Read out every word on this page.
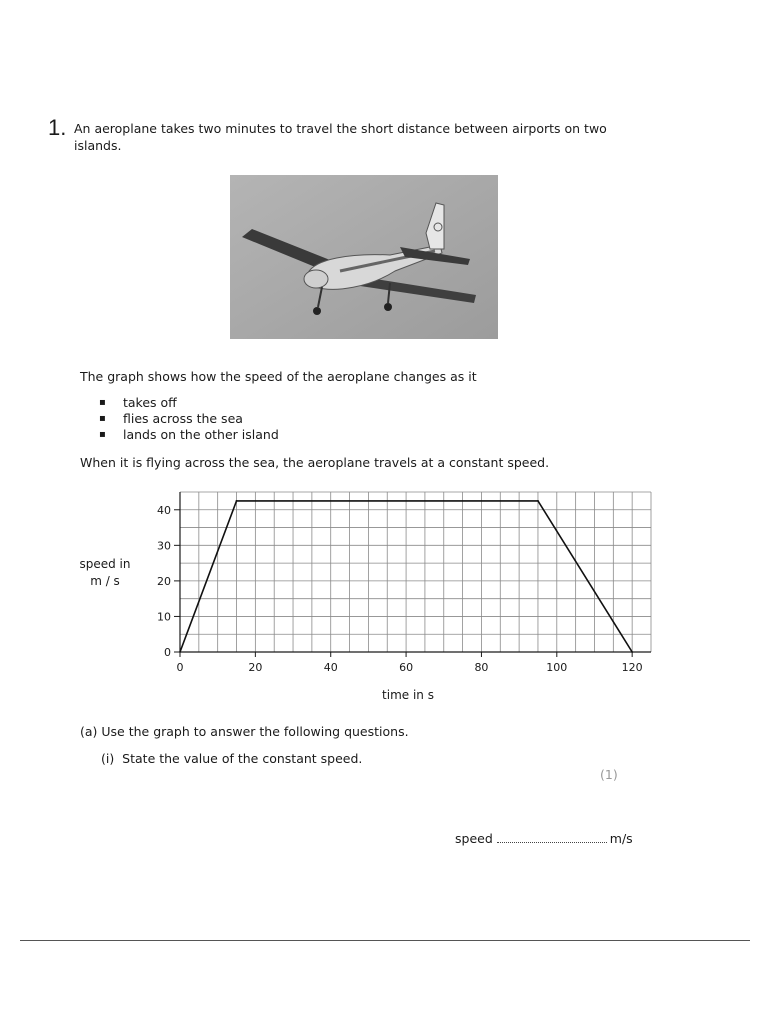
1. An aeroplane takes two minutes to travel the short distance between airports on two islands.
The graph shows how the speed of the aeroplane changes as it
▪ takes off
▪ flies across the sea
▪ lands on the other island
When it is flying across the sea, the aeroplane travels at a constant speed.
0
10
20
30
40
0	20	40	60	80	100	120
speed in
m / s
time in s
(a) Use the graph to answer the following questions.
(i)  State the value of the constant speed.
(1)
speed	m/s
